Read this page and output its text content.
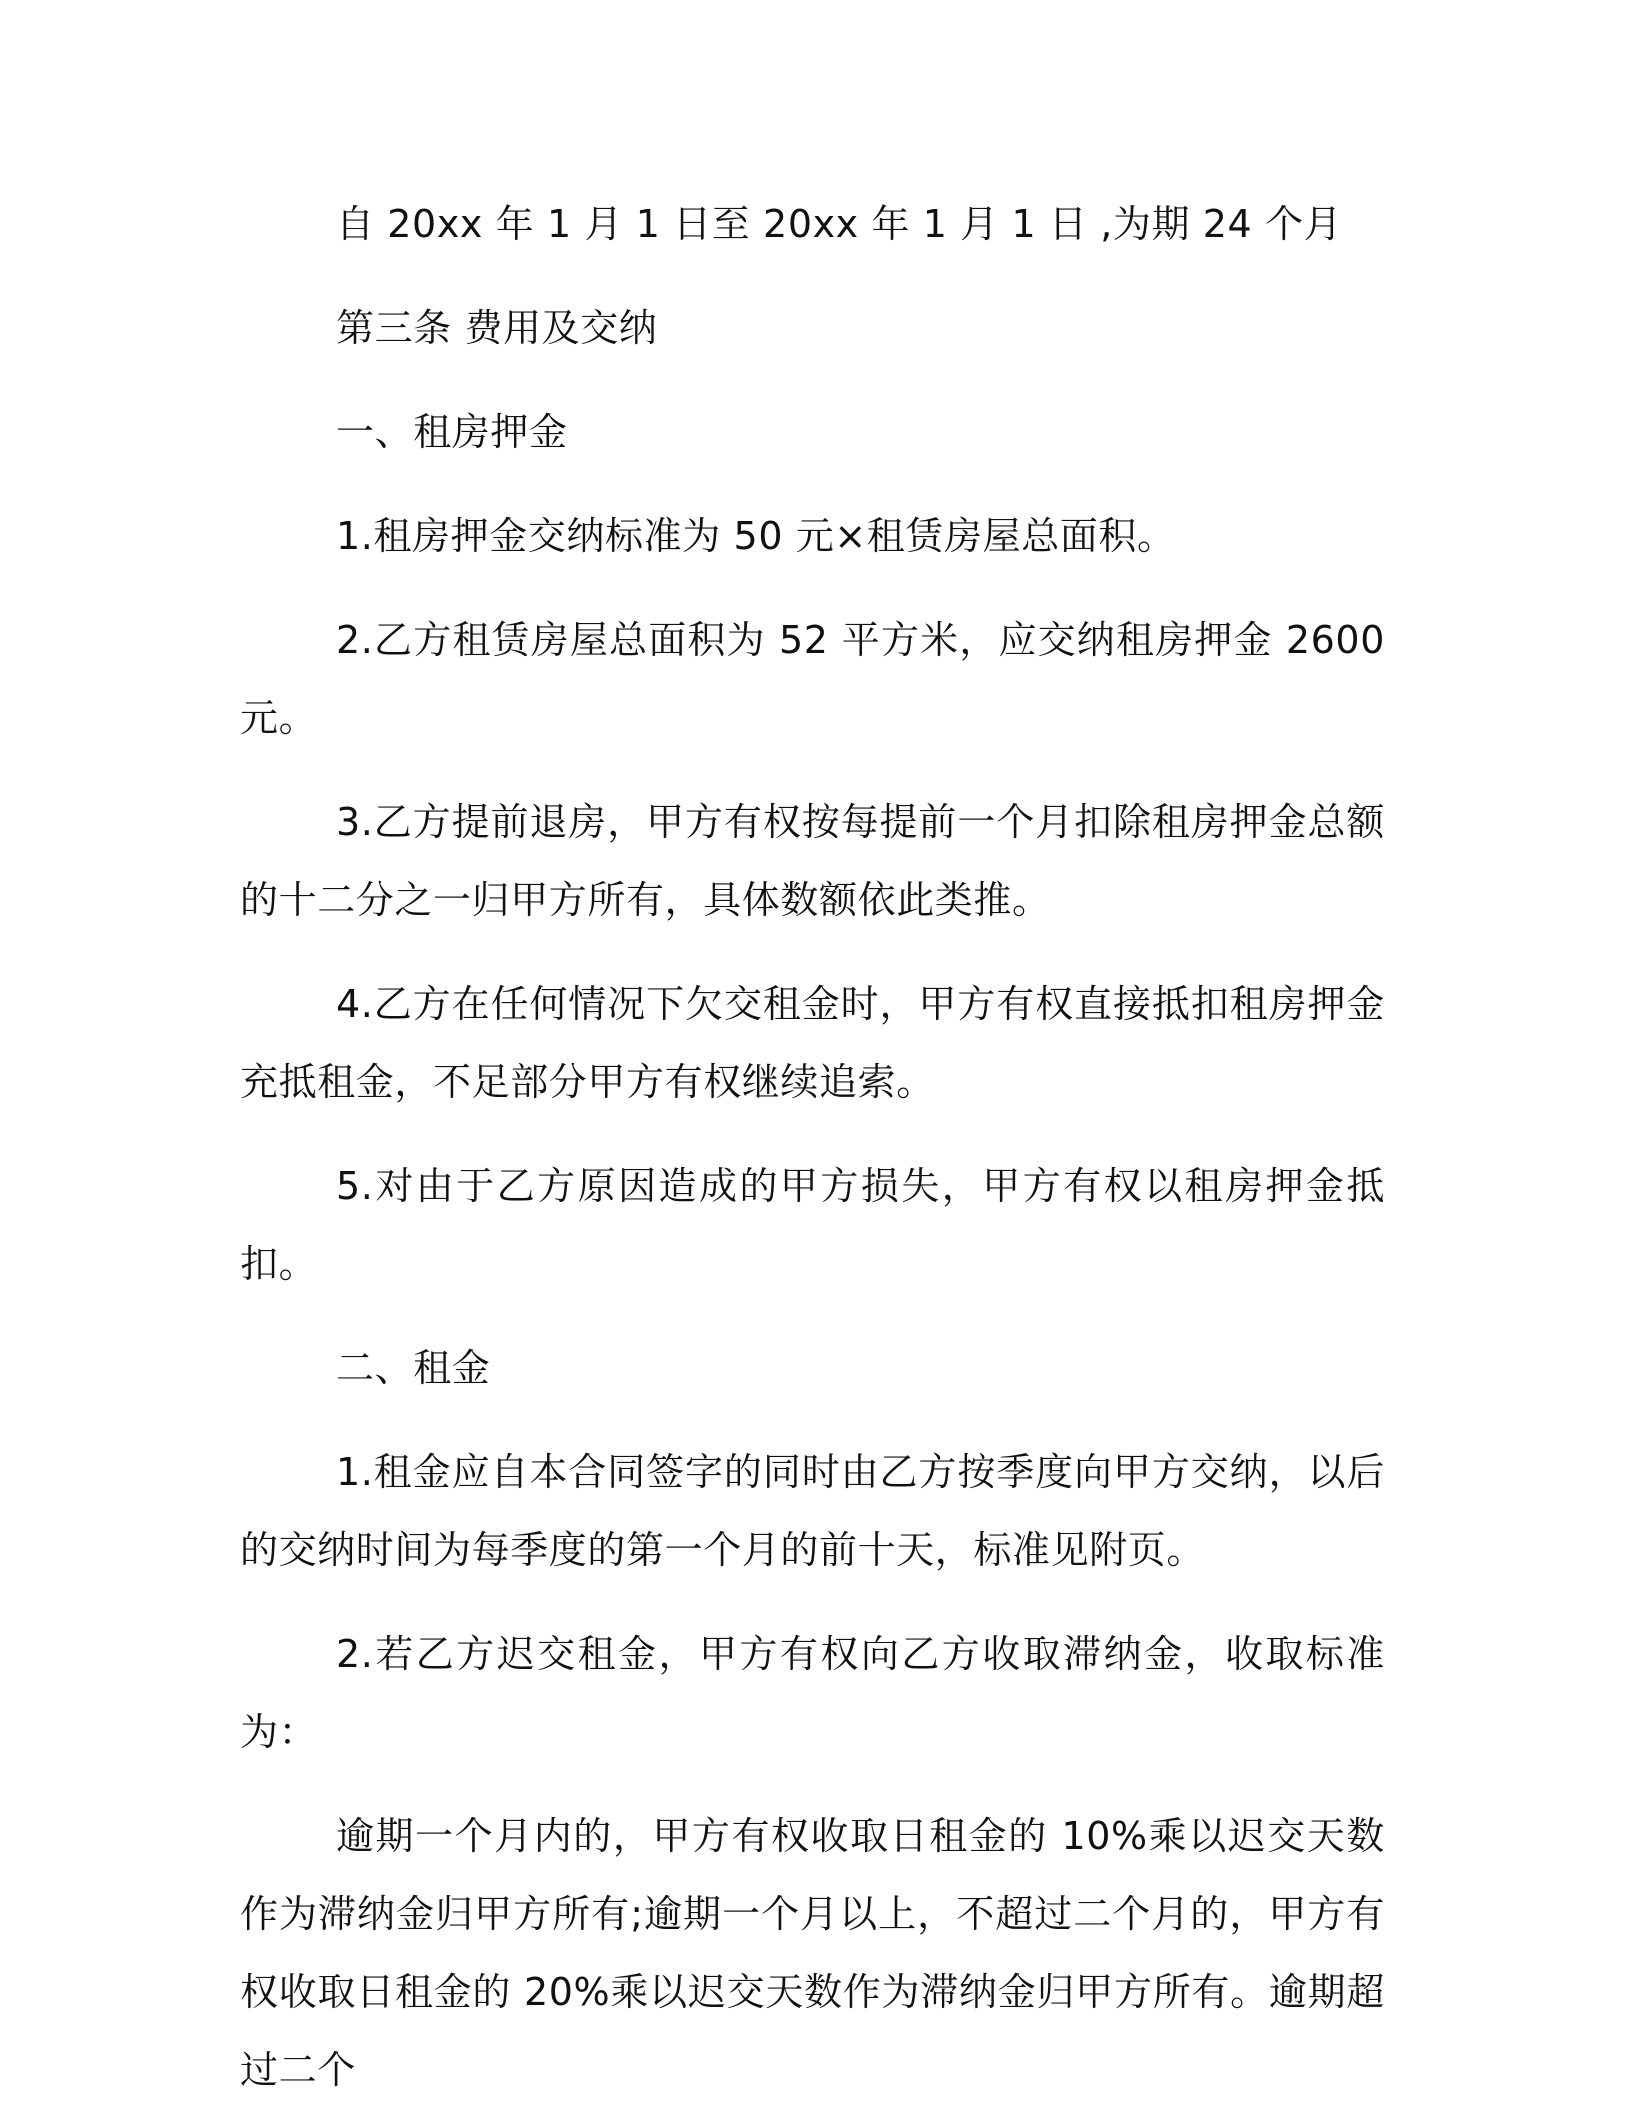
自 20xx 年 1 月 1 日至 20xx 年 1 月 1 日 ,为期 24 个月

第三条 费用及交纳

一、租房押金

1.租房押金交纳标准为 50 元×租赁房屋总面积。

2.乙方租赁房屋总面积为 52 平方米，应交纳租房押金 2600 元。

3.乙方提前退房，甲方有权按每提前一个月扣除租房押金总额的十二分之一归甲方所有，具体数额依此类推。

4.乙方在任何情况下欠交租金时，甲方有权直接抵扣租房押金充抵租金，不足部分甲方有权继续追索。

5.对由于乙方原因造成的甲方损失，甲方有权以租房押金抵扣。

二、租金

1.租金应自本合同签字的同时由乙方按季度向甲方交纳，以后的交纳时间为每季度的第一个月的前十天，标准见附页。

2.若乙方迟交租金，甲方有权向乙方收取滞纳金，收取标准为：

逾期一个月内的，甲方有权收取日租金的 10%乘以迟交天数作为滞纳金归甲方所有;逾期一个月以上，不超过二个月的，甲方有权收取日租金的 20%乘以迟交天数作为滞纳金归甲方所有。逾期超过二个
